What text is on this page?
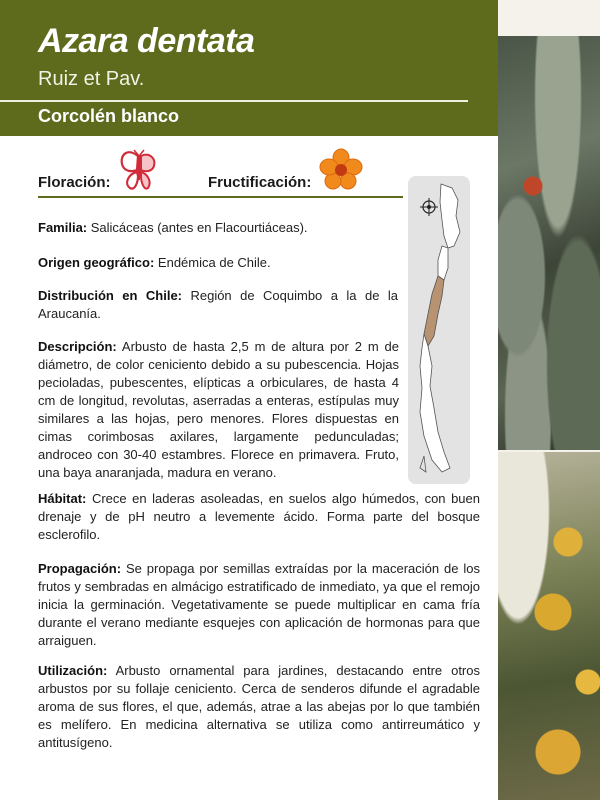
Azara dentata
Ruiz et Pav.
Corcolén blanco
Floración:	Fructificación:

Familia: Salicáceas (antes en Flacourtiáceas).

Origen geográfico: Endémica de Chile.

Distribución en Chile: Región de Coquimbo a la de la Araucanía.

Descripción: Arbusto de hasta 2,5 m de altura por 2 m de diámetro, de color ceniciento debido a su pubescencia. Hojas pecioladas, pubescentes, elípticas a orbiculares, de hasta 4 cm de longitud, revolutas, aserradas a enteras, estípulas muy similares a las hojas, pero menores. Flores dispuestas en cimas corimbosas axilares, largamente pedunculadas; androceo con 30-40 estambres. Florece en primavera. Fruto, una baya anaranjada, madura en verano.

Hábitat: Crece en laderas asoleadas, en suelos algo húmedos, con buen drenaje y de pH neutro a levemente ácido. Forma parte del bosque esclerofilo.

Propagación: Se propaga por semillas extraídas por la maceración de los frutos y sembradas en almácigo estratificado de inmediato, ya que el remojo inicia la germinación. Vegetativamente se puede multiplicar en cama fría durante el verano mediante esquejes con aplicación de hormonas para que arraiguen.

Utilización: Arbusto ornamental para jardines, destacando entre otros arbustos por su follaje ceniciento. Cerca de senderos difunde el agradable aroma de sus flores, el que, además, atrae a las abejas por lo que también es melífero. En medicina alternativa se utiliza como antirreumático y antitusígeno.
